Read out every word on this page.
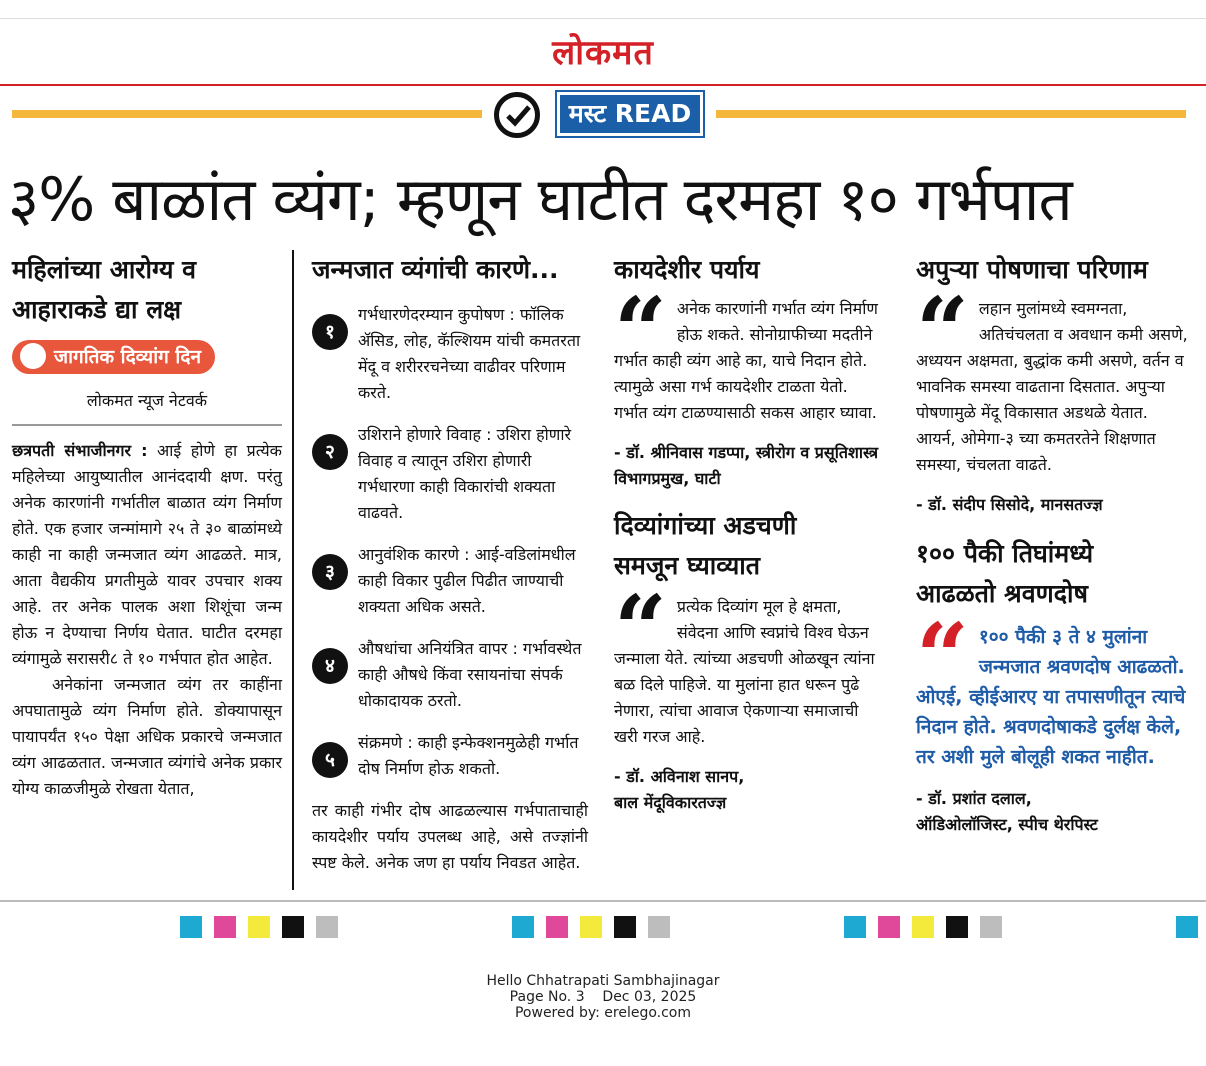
लोकमत
मस्ट READ
३% बाळांत व्यंग; म्हणून घाटीत दरमहा १० गर्भपात
महिलांच्या आरोग्य व
आहाराकडे द्या लक्ष
जागतिक दिव्यांग दिन
लोकमत न्यूज नेटवर्क

छत्रपती संभाजीनगर : आई होणे हा प्रत्येक महिलेच्या आयुष्यातील आनंददायी क्षण. परंतु अनेक कारणांनी गर्भातील बाळात व्यंग निर्माण होते. एक हजार जन्मांमागे २५ ते ३० बाळांमध्ये काही ना काही जन्मजात व्यंग आढळते. मात्र, आता वैद्यकीय प्रगतीमुळे यावर उपचार शक्य आहे. तर अनेक पालक अशा शिशूंचा जन्म होऊ न देण्याचा निर्णय घेतात. घाटीत दरमहा व्यंगामुळे सरासरी८ ते १० गर्भपात होत आहेत.

अनेकांना जन्मजात व्यंग तर काहींना अपघातामुळे व्यंग निर्माण होते. डोक्यापासून पायापर्यंत १५० पेक्षा अधिक प्रकारचे जन्मजात व्यंग आढळतात. जन्मजात व्यंगांचे अनेक प्रकार योग्य काळजीमुळे रोखता येतात,

जन्मजात व्यंगांची कारणे...
१

गर्भधारणेदरम्यान कुपोषण : फॉलिक ॲसिड, लोह, कॅल्शियम यांची कमतरता मेंदू व शरीररचनेच्या वाढीवर परिणाम करते.

२

उशिराने होणारे विवाह : उशिरा होणारे विवाह व त्यातून उशिरा होणारी गर्भधारणा काही विकारांची शक्यता वाढवते.

३

आनुवंशिक कारणे : आई-वडिलांमधील काही विकार पुढील पिढीत जाण्याची शक्यता अधिक असते.

४

औषधांचा अनियंत्रित वापर : गर्भावस्थेत काही औषधे किंवा रसायनांचा संपर्क धोकादायक ठरतो.

५

संक्रमणे : काही इन्फेक्शनमुळेही गर्भात दोष निर्माण होऊ शकतो.

तर काही गंभीर दोष आढळल्यास गर्भपाताचाही कायदेशीर पर्याय उपलब्ध आहे, असे तज्ज्ञांनी स्पष्ट केले. अनेक जण हा पर्याय निवडत आहेत.

कायदेशीर पर्याय
“ अनेक कारणांनी गर्भात व्यंग निर्माण होऊ शकते. सोनोग्राफीच्या मदतीने गर्भात काही व्यंग आहे का, याचे निदान होते. त्यामुळे असा गर्भ कायदेशीर टाळता येतो. गर्भात व्यंग टाळण्यासाठी सकस आहार घ्यावा.

- डॉ. श्रीनिवास गडप्पा, स्त्रीरोग व प्रसूतिशास्त्र विभागप्रमुख, घाटी
दिव्यांगांच्या अडचणी
समजून घ्याव्यात
“ प्रत्येक दिव्यांग मूल हे क्षमता, संवेदना आणि स्वप्नांचे विश्व घेऊन जन्माला येते. त्यांच्या अडचणी ओळखून त्यांना बळ दिले पाहिजे. या मुलांना हात धरून पुढे नेणारा, त्यांचा आवाज ऐकणाऱ्या समाजाची खरी गरज आहे.

- डॉ. अविनाश सानप,
बाल मेंदूविकारतज्ज्ञ
अपुऱ्या पोषणाचा परिणाम
“ लहान मुलांमध्ये स्वमग्नता, अतिचंचलता व अवधान कमी असणे, अध्ययन अक्षमता, बुद्धांक कमी असणे, वर्तन व भावनिक समस्या वाढताना दिसतात. अपुऱ्या पोषणामुळे मेंदू विकासात अडथळे येतात. आयर्न, ओमेगा-३ च्या कमतरतेने शिक्षणात समस्या, चंचलता वाढते.

- डॉ. संदीप सिसोदे, मानसतज्ज्ञ
१०० पैकी तिघांमध्ये
आढळतो श्रवणदोष
“ १०० पैकी ३ ते ४ मुलांना जन्मजात श्रवणदोष आढळतो. ओएई, व्हीईआरए या तपासणीतून त्याचे निदान होते. श्रवणदोषाकडे दुर्लक्ष केले, तर अशी मुले बोलूही शकत नाहीत.

- डॉ. प्रशांत दलाल,
ऑडिओलॉजिस्ट, स्पीच थेरपिस्ट
Hello Chhatrapati Sambhajinagar
Page No. 3    Dec 03, 2025
Powered by: erelego.com
